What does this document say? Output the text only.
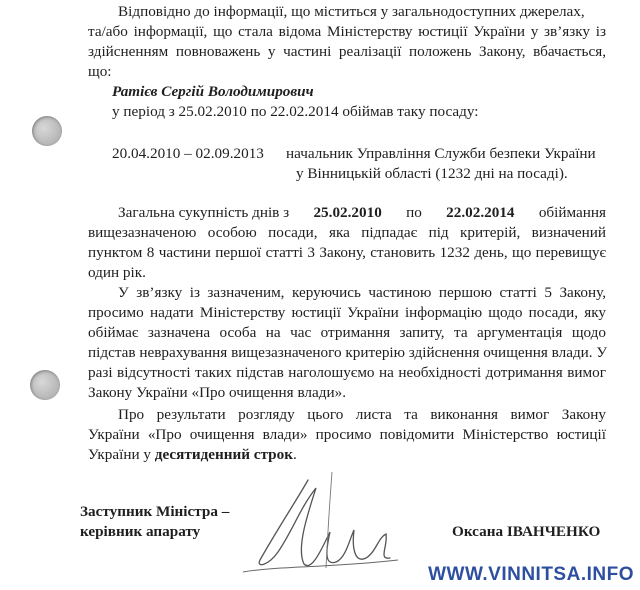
Відповідно до інформації, що міститься у загальнодоступних джерелах,
та/або інформації, що стала відома Міністерству юстиції України у зв’язку із
здійсненням повноважень у частині реалізації положень Закону, вбачається,
що:
Ратієв Сергій Володимирович
у період з 25.02.2010 по 22.02.2014 обіймав таку посаду:
20.04.2010 – 02.09.2013 начальник Управління Служби безпеки України
у Вінницькій області (1232 дні на посаді).
Загальна сукупність днів з 25.02.2010 по 22.02.2014 обіймання
вищезазначеною особою посади, яка підпадає під критерій, визначений
пунктом 8 частини першої статті 3 Закону, становить 1232 день, що перевищує
один рік.
У зв’язку із зазначеним, керуючись частиною першою статті 5 Закону,
просимо надати Міністерству юстиції України інформацію щодо посади, яку
обіймає зазначена особа на час отримання запиту, та аргументація щодо
підстав неврахування вищезазначеного критерію здійснення очищення влади. У
разі відсутності таких підстав наголошуємо на необхідності дотримання вимог
Закону України «Про очищення влади».
Про результати розгляду цього листа та виконання вимог Закону
України «Про очищення влади» просимо повідомити Міністерство юстиції
України у десятиденний строк.
Заступник Міністра –
керівник апарату	Оксана ІВАНЧЕНКО
WWW.VINNITSA.INFO
